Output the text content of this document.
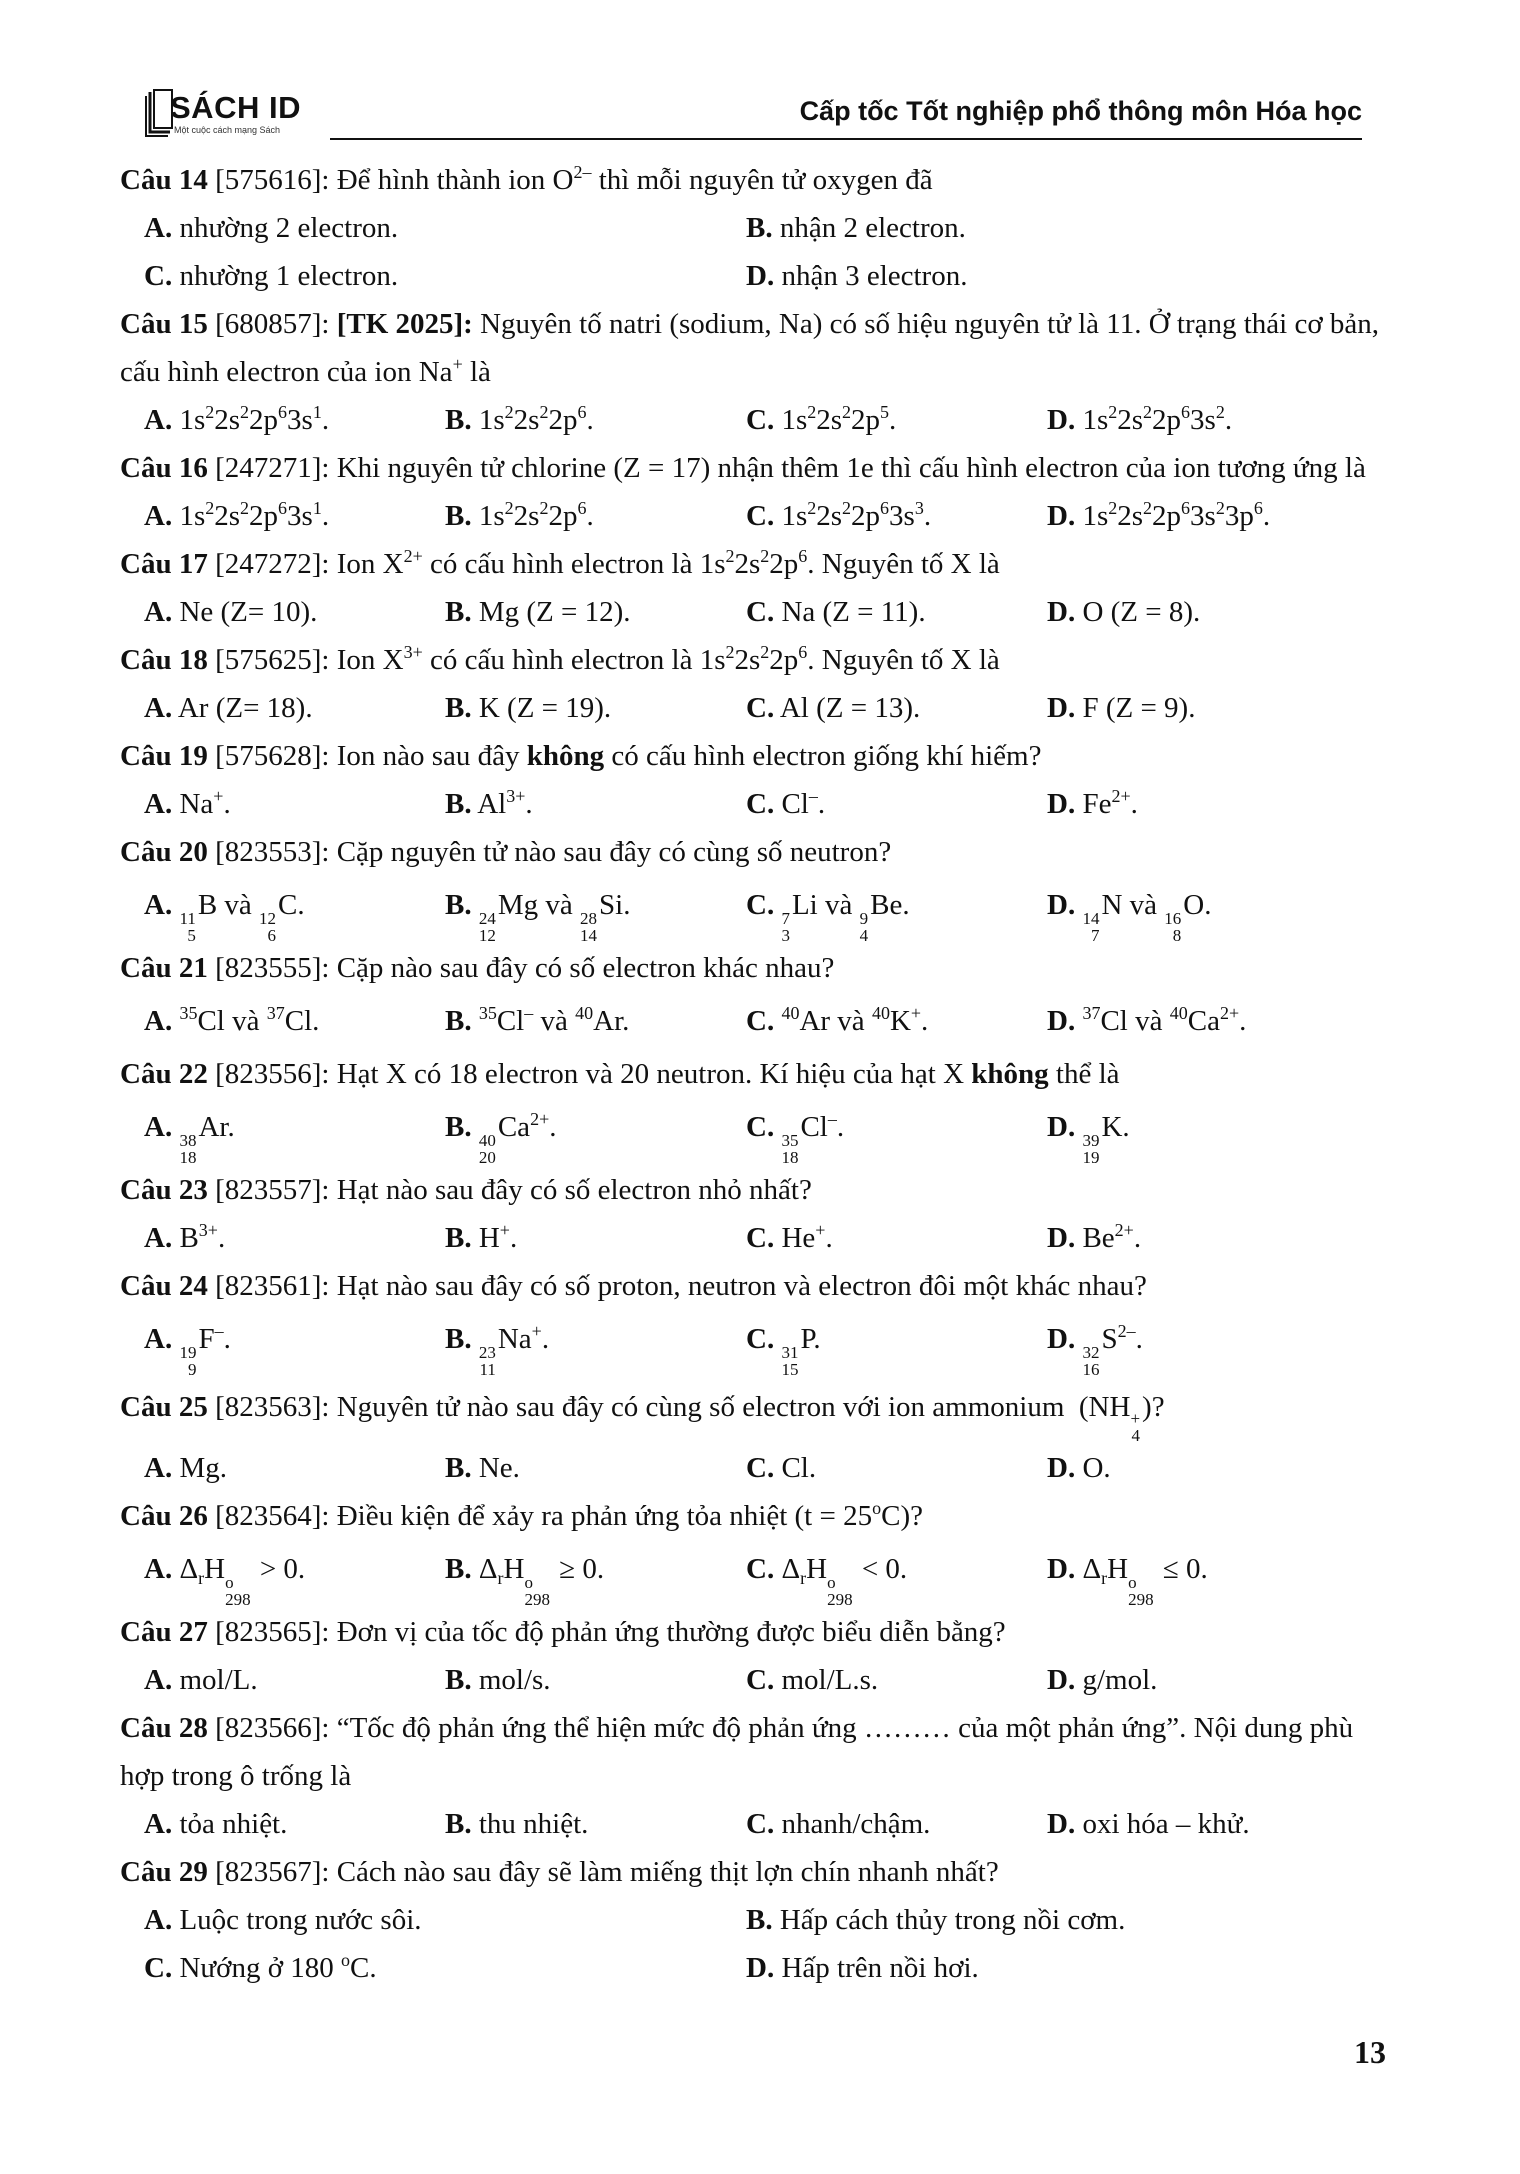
SÁCH ID
Một cuộc cách mạng Sách
Cấp tốc Tốt nghiệp phổ thông môn Hóa học

Câu 14 [575616]: Để hình thành ion $O^{2-}$ thì mỗi nguyên tử oxygen đã

A. nhường 2 electron.	B. nhận 2 electron.
C. nhường 1 electron.	D. nhận 3 electron.

Câu 15 [680857]: [TK 2025]: Nguyên tố natri (sodium, Na) có số hiệu nguyên tử là 11. Ở trạng thái cơ bản, cấu hình electron của ion Na+ là

A. $1s^22s^22p^63s^1$.	B. $1s^22s^22p^6$.	C. $1s^22s^22p^5$.	D. $1s^22s^22p^63s^2$.

Câu 16 [247271]: Khi nguyên tử chlorine (Z = 17) nhận thêm 1e thì cấu hình electron của ion tương ứng là

A. $1s^22s^22p^63s^1$.	B. $1s^22s^22p^6$.	C. $1s^22s^22p^63s^3$.	D. $1s^22s^22p^63s^23p^6$.

Câu 17 [247272]: Ion $X^{2+}$ có cấu hình electron là $1s^22s^22p^6$. Nguyên tố X là

A. Ne (Z= 10).	B. Mg (Z = 12).	C. Na (Z = 11).	D. O (Z = 8).

Câu 18 [575625]: Ion $X^{3+}$ có cấu hình electron là $1s^22s^22p^6$. Nguyên tố X là

A. Ar (Z= 18).	B. K (Z = 19).	C. Al (Z = 13).	D. F (Z = 9).

Câu 19 [575628]: Ion nào sau đây không có cấu hình electron giống khí hiếm?

A. Na+.	B. $Al^{3+}$.	C. Cl–.	D. $Fe^{2+}$.

Câu 20 [823553]: Cặp nguyên tử nào sau đây có cùng số neutron?

A. 11
5
B và 12
6
C.	B. 24
12
Mg và 28
14
Si.	C. 7
3
Li và 9
4
Be.	D. 14
7
N và 16
8
O.

Câu 21 [823555]: Cặp nào sau đây có số electron khác nhau?

A. $^{35}$Cl và $^{37}$Cl.	B. $^{35}$Cl– và $^{40}$Ar.	C. $^{40}$Ar và $^{40}$K+.	D. $^{37}$Cl và $^{40}Ca^{2+}$.

Câu 22 [823556]: Hạt X có 18 electron và 20 neutron. Kí hiệu của hạt X không thể là

A. 38
18
Ar.	B. 40
20
$Ca^{2+}$.	C. 35
18
Cl–.	D. 39
19
K.

Câu 23 [823557]: Hạt nào sau đây có số electron nhỏ nhất?

A. $B^{3+}$.	B. H+.	C. He+.	D. $Be^{2+}$.

Câu 24 [823561]: Hạt nào sau đây có số proton, neutron và electron đôi một khác nhau?

A. 19
9
F–.	B. 23
11
Na+.	C. 31
15
P.	D. 32
16
$S^{2-}$.

Câu 25 [823563]: Nguyên tử nào sau đây có cùng số electron với ion ammonium  (NH +
4
)?

A. Mg.	B. Ne.	C. Cl.	D. O.

Câu 26 [823564]: Điều kiện để xảy ra phản ứng tỏa nhiệt $(t = 25^oC)$?

A. $\Delta_rH$ o
298
> 0.	B. $\Delta_rH$ o
298
≥ 0.	C. $\Delta_rH$ o
298
< 0.	D. $\Delta_rH$ o
298
≤ 0.

Câu 27 [823565]: Đơn vị của tốc độ phản ứng thường được biểu diễn bằng?

A. mol/L.	B. mol/s.	C. mol/L.s.	D. g/mol.

Câu 28 [823566]: “Tốc độ phản ứng thể hiện mức độ phản ứng ……… của một phản ứng”. Nội dung phù hợp trong ô trống là

A. tỏa nhiệt.	B. thu nhiệt.	C. nhanh/chậm.	D. oxi hóa – khử.

Câu 29 [823567]: Cách nào sau đây sẽ làm miếng thịt lợn chín nhanh nhất?

A. Luộc trong nước sôi.	B. Hấp cách thủy trong nồi cơm.
C. Nướng ở 180 $^o$C.	D. Hấp trên nồi hơi.
13
